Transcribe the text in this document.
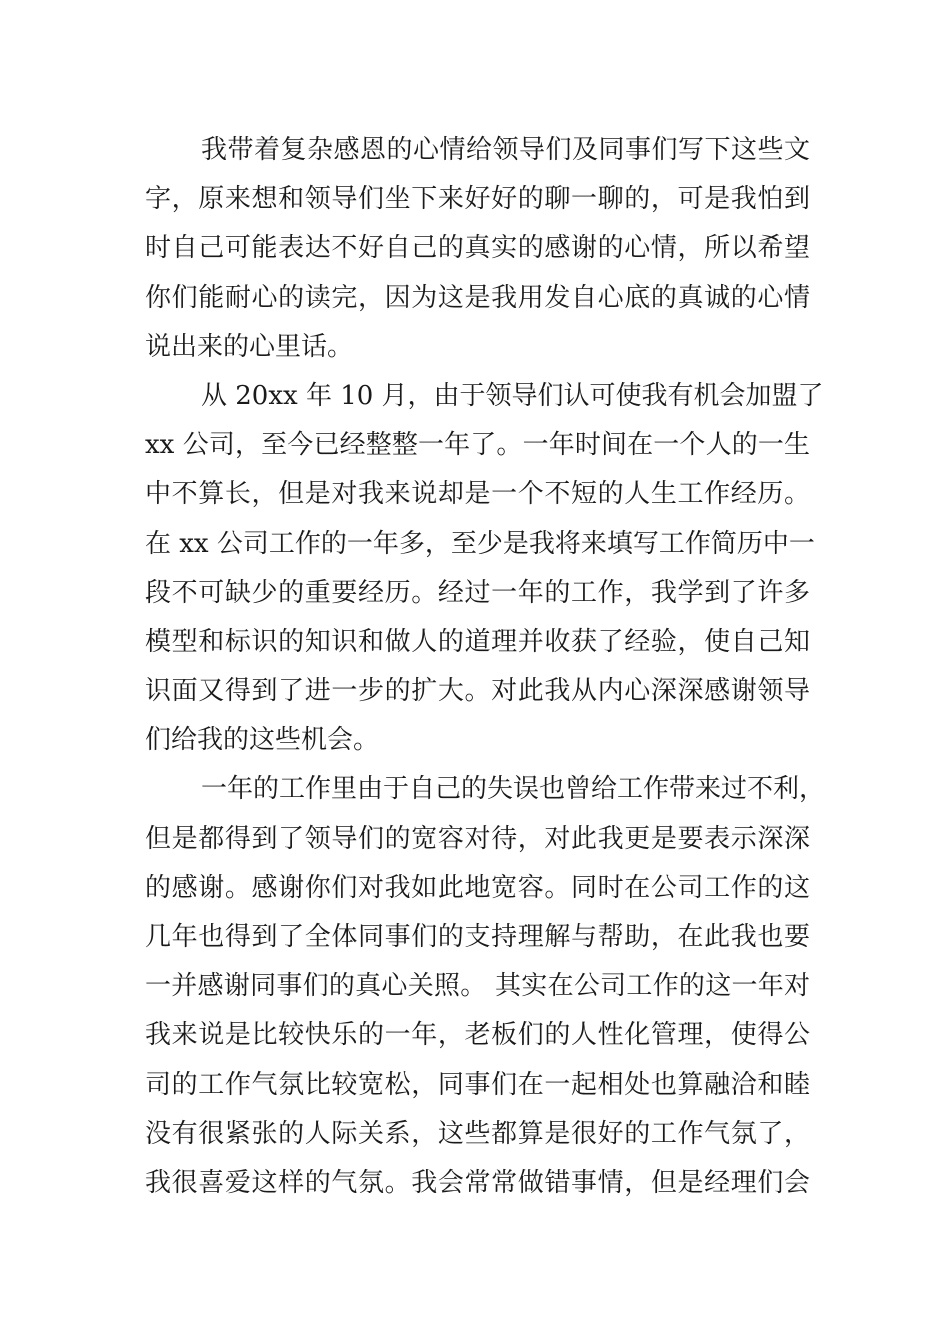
我带着复杂感恩的心情给领导们及同事们写下这些文
字，原来想和领导们坐下来好好的聊一聊的，可是我怕到
时自己可能表达不好自己的真实的感谢的心情，所以希望
你们能耐心的读完，因为这是我用发自心底的真诚的心情
说出来的心里话。
从 20xx 年 10 月，由于领导们认可使我有机会加盟了
xx 公司，至今已经整整一年了。一年时间在一个人的一生
中不算长，但是对我来说却是一个不短的人生工作经历。
在 xx 公司工作的一年多，至少是我将来填写工作简历中一
段不可缺少的重要经历。经过一年的工作，我学到了许多
模型和标识的知识和做人的道理并收获了经验，使自己知
识面又得到了进一步的扩大。对此我从内心深深感谢领导
们给我的这些机会。
一年的工作里由于自己的失误也曾给工作带来过不利，
但是都得到了领导们的宽容对待，对此我更是要表示深深
的感谢。感谢你们对我如此地宽容。同时在公司工作的这
几年也得到了全体同事们的支持理解与帮助，在此我也要
一并感谢同事们的真心关照。 其实在公司工作的这一年对
我来说是比较快乐的一年，老板们的人性化管理，使得公
司的工作气氛比较宽松，同事们在一起相处也算融洽和睦
没有很紧张的人际关系，这些都算是很好的工作气氛了，
我很喜爱这样的气氛。我会常常做错事情，但是经理们会
